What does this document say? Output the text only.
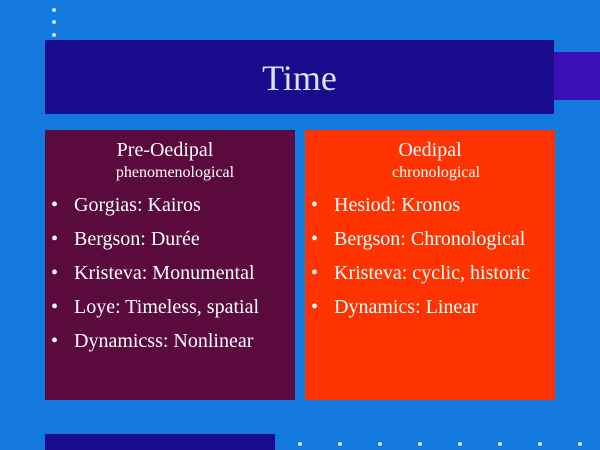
Time
Pre-Oedipal
phenomenological
• Gorgias: Kairos
• Bergson: Durée
• Kristeva: Monumental
• Loye: Timeless, spatial
• Dynamicss: Nonlinear
Oedipal
chronological
• Hesiod: Kronos
• Bergson: Chronological
• Kristeva: cyclic, historic
• Dynamics: Linear
